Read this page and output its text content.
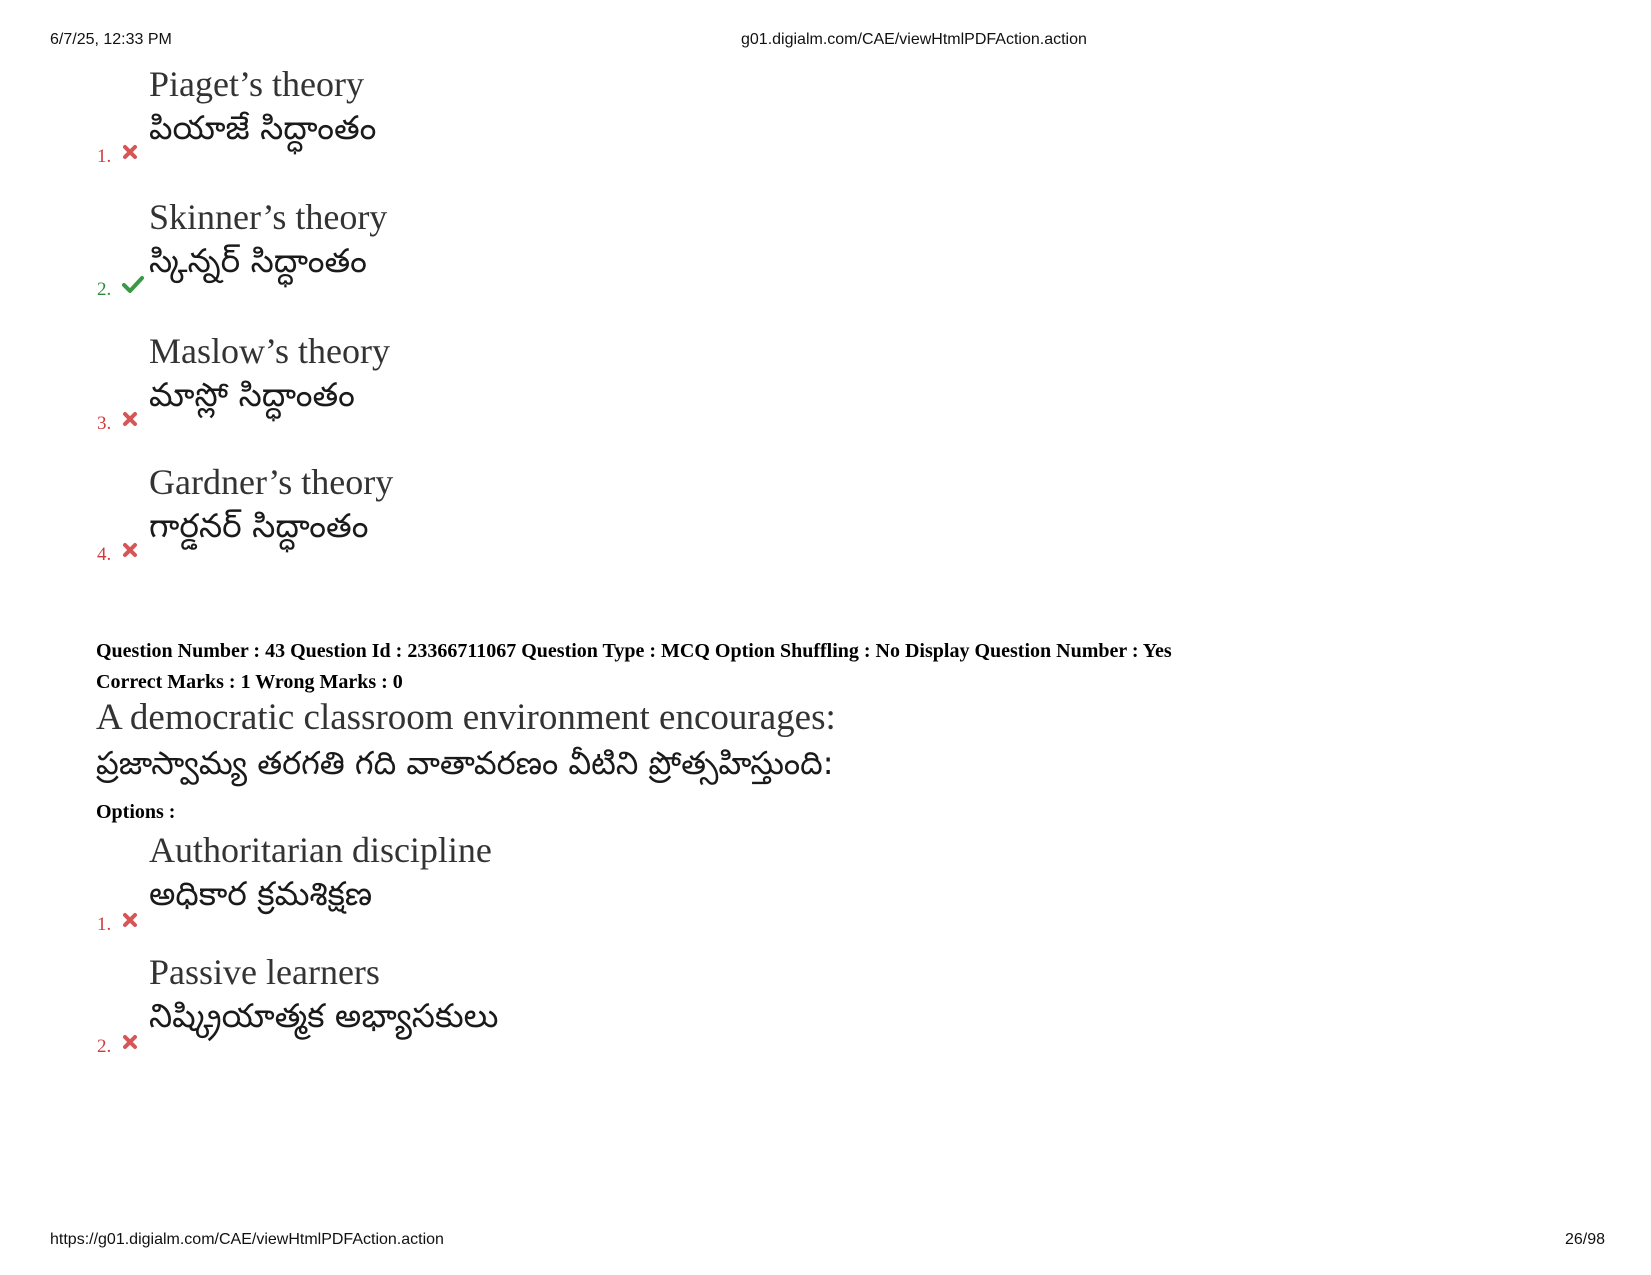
6/7/25, 12:33 PM	g01.digialm.com/CAE/viewHtmlPDFAction.action
Piaget’s theory
పియాజే సిద్ధాంతం
1.
Skinner’s theory
స్కిన్నర్ సిద్ధాంతం
2.
Maslow’s theory
మాస్లో సిద్ధాంతం
3.
Gardner’s theory
గార్డనర్ సిద్ధాంతం
4.
Question Number : 43 Question Id : 23366711067 Question Type : MCQ Option Shuffling : No Display Question Number : Yes
Correct Marks : 1 Wrong Marks : 0
A democratic classroom environment encourages:
ప్రజాస్వామ్య తరగతి గది వాతావరణం వీటిని ప్రోత్సహిస్తుంది:
Options :
Authoritarian discipline
అధికార క్రమశిక్షణ
1.
Passive learners
నిష్క్రియాత్మక అభ్యాసకులు
2.
https://g01.digialm.com/CAE/viewHtmlPDFAction.action	26/98
